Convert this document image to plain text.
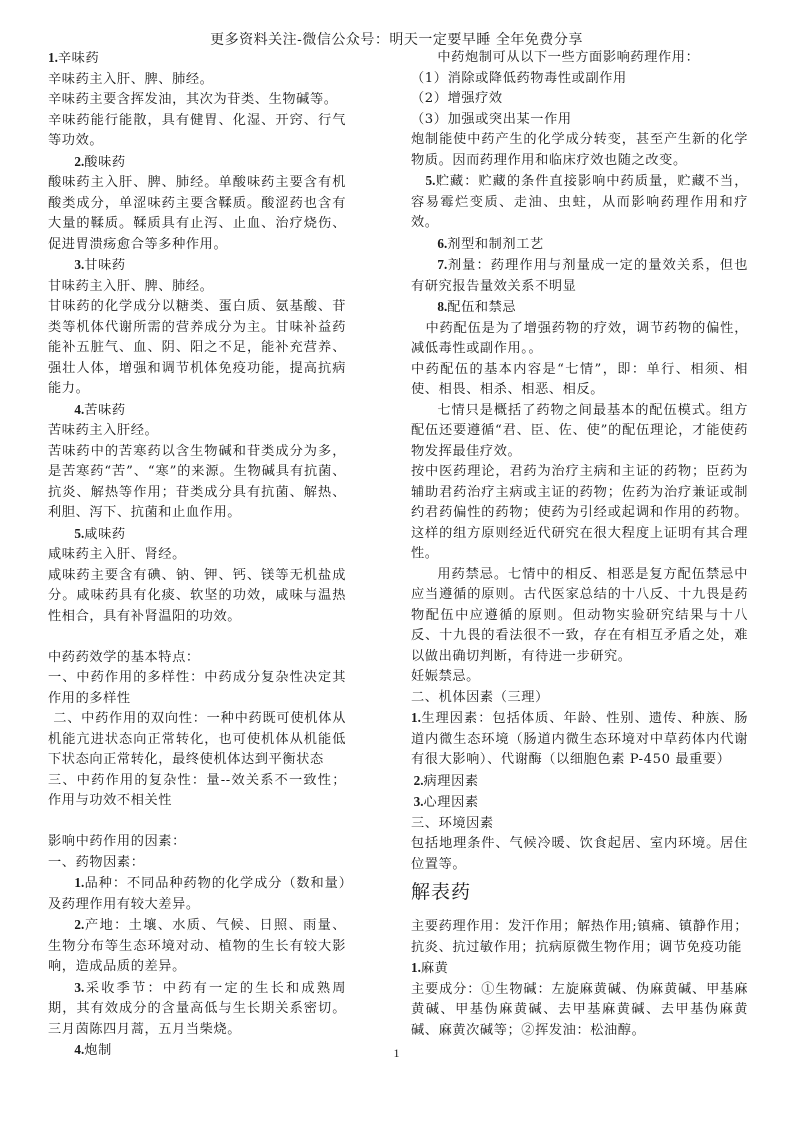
更多资料关注-微信公众号：明天一定要早睡 全年免费分享

1.辛味药

辛味药主入肝、脾、肺经。

辛味药主要含挥发油，其次为苷类、生物碱等。

辛味药能行能散，具有健胃、化湿、开窍、行气等功效。

2.酸味药

酸味药主入肝、脾、肺经。单酸味药主要含有机酸类成分，单涩味药主要含鞣质。酸涩药也含有大量的鞣质。鞣质具有止泻、止血、治疗烧伤、促进胃溃疡愈合等多种作用。

3.甘味药

甘味药主入肝、脾、肺经。

甘味药的化学成分以糖类、蛋白质、氨基酸、苷类等机体代谢所需的营养成分为主。甘味补益药能补五脏气、血、阴、阳之不足，能补充营养、强壮人体，增强和调节机体免疫功能，提高抗病能力。

4.苦味药

苦味药主入肝经。

苦味药中的苦寒药以含生物碱和苷类成分为多，是苦寒药“苦”、“寒”的来源。生物碱具有抗菌、抗炎、解热等作用；苷类成分具有抗菌、解热、利胆、泻下、抗菌和止血作用。

5.咸味药

咸味药主入肝、肾经。

咸味药主要含有碘、钠、钾、钙、镁等无机盐成分。咸味药具有化痰、软坚的功效，咸味与温热性相合，具有补肾温阳的功效。

中药药效学的基本特点：

一、中药作用的多样性：中药成分复杂性决定其作用的多样性

二、中药作用的双向性：一种中药既可使机体从机能亢进状态向正常转化，也可使机体从机能低下状态向正常转化，最终使机体达到平衡状态

三、中药作用的复杂性：量--效关系不一致性；作用与功效不相关性

影响中药作用的因素：

一、药物因素：

1.品种：不同品种药物的化学成分（数和量）及药理作用有较大差异。

2.产地：土壤、水质、气候、日照、雨量、生物分布等生态环境对动、植物的生长有较大影响，造成品质的差异。

3.采收季节：中药有一定的生长和成熟周期，其有效成分的含量高低与生长期关系密切。三月茵陈四月蒿，五月当柴烧。

4.炮制

中药炮制可从以下一些方面影响药理作用：

（1）消除或降低药物毒性或副作用

（2）增强疗效

（3）加强或突出某一作用

炮制能使中药产生的化学成分转变，甚至产生新的化学物质。因而药理作用和临床疗效也随之改变。

5.贮藏：贮藏的条件直接影响中药质量，贮藏不当，容易霉烂变质、走油、虫蛀，从而影响药理作用和疗效。

6.剂型和制剂工艺

7.剂量：药理作用与剂量成一定的量效关系，但也有研究报告量效关系不明显

8.配伍和禁忌

中药配伍是为了增强药物的疗效，调节药物的偏性，减低毒性或副作用。。

中药配伍的基本内容是“七情”，即：单行、相须、相使、相畏、相杀、相恶、相反。

七情只是概括了药物之间最基本的配伍模式。组方配伍还要遵循“君、臣、佐、使”的配伍理论，才能使药物发挥最佳疗效。

按中医药理论，君药为治疗主病和主证的药物；臣药为辅助君药治疗主病或主证的药物；佐药为治疗兼证或制约君药偏性的药物；使药为引经或起调和作用的药物。这样的组方原则经近代研究在很大程度上证明有其合理性。

用药禁忌。七情中的相反、相恶是复方配伍禁忌中应当遵循的原则。古代医家总结的十八反、十九畏是药物配伍中应遵循的原则。但动物实验研究结果与十八反、十九畏的看法很不一致，存在有相互矛盾之处，难以做出确切判断，有待进一步研究。

妊娠禁忌。

二、机体因素（三理）

1.生理因素：包括体质、年龄、性别、遗传、种族、肠道内微生态环境（肠道内微生态环境对中草药体内代谢有很大影响）、代谢酶（以细胞色素 P-450 最重要）

2.病理因素

3.心理因素

三、环境因素

包括地理条件、气候冷暖、饮食起居、室内环境。居住位置等。

解表药

主要药理作用：发汗作用；解热作用;镇痛、镇静作用；抗炎、抗过敏作用；抗病原微生物作用；调节免疫功能

1.麻黄

主要成分：①生物碱：左旋麻黄碱、伪麻黄碱、甲基麻黄碱、甲基伪麻黄碱、去甲基麻黄碱、去甲基伪麻黄碱、麻黄次碱等；②挥发油：松油醇。

1
